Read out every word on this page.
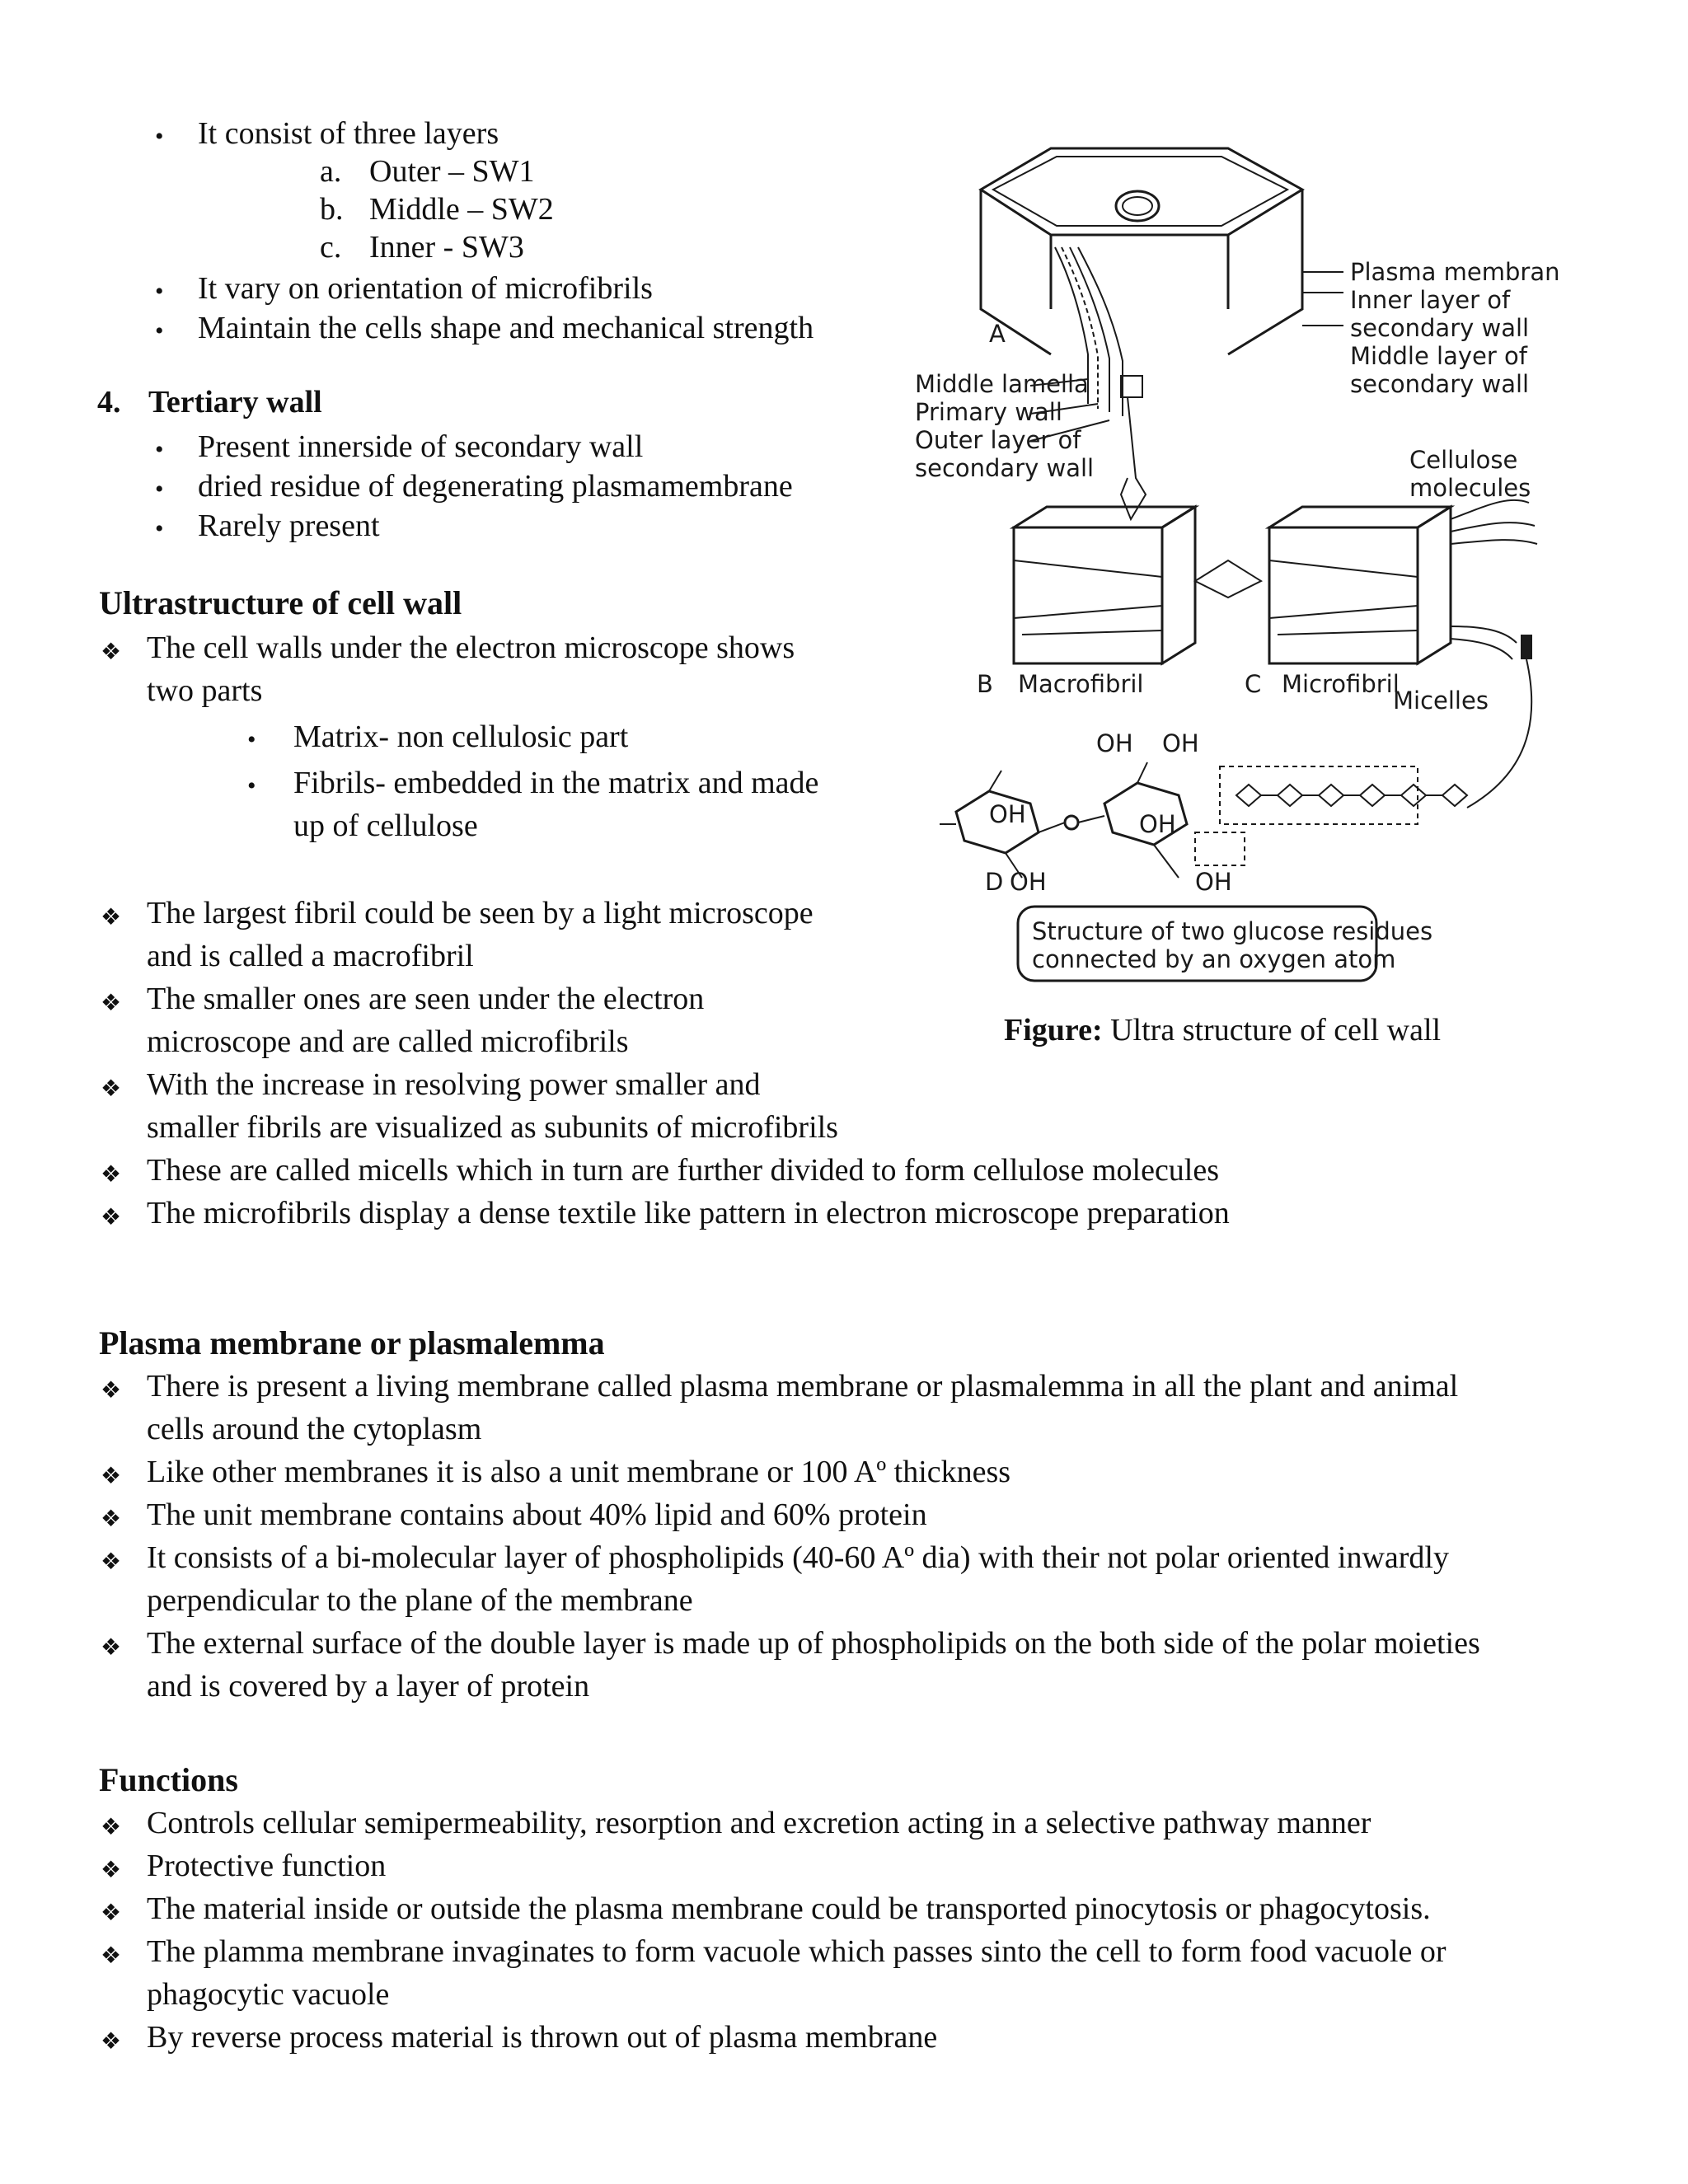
• It consist of three layers
a. Outer – SW1
b. Middle – SW2
c. Inner - SW3
• It vary on orientation of microfibrils
• Maintain the cells shape and mechanical strength
4. Tertiary wall
• Present innerside of secondary wall
• dried residue of degenerating plasmamembrane
• Rarely present
Ultrastructure of cell wall
❖ The cell walls under the electron microscope shows
two parts
• Matrix- non cellulosic part
• Fibrils- embedded in the matrix and made
up of cellulose
❖ The largest fibril could be seen by a light microscope
and is called a macrofibril
❖ The smaller ones are seen under the electron
microscope and are called microfibrils
❖ With the increase in resolving power smaller and
smaller fibrils are visualized as subunits of microfibrils
❖ These are called micells which in turn are further divided to form cellulose molecules
❖ The microfibrils display a dense textile like pattern in electron microscope preparation
A
Plasma membrane
Inner layer of
secondary wall
Middle layer of
secondary wall
Middle lamella
Primary wall
Outer layer of
secondary wall	Cellulose
molecules
B Macrofibril	C Microfibril
Micelles
D
OH OH
OH	OH
OH	OH
Structure of two glucose residues
connected by an oxygen atom
Figure: Ultra structure of cell wall
Plasma membrane or plasmalemma
❖ There is present a living membrane called plasma membrane or plasmalemma in all the plant and animal
cells around the cytoplasm
❖ Like other membranes it is also a unit membrane or 100 Aº thickness
❖ The unit membrane contains about 40% lipid and 60% protein
❖ It consists of a bi-molecular layer of phospholipids (40-60 Aº dia) with their not polar oriented inwardly
perpendicular to the plane of the membrane
❖ The external surface of the double layer is made up of phospholipids on the both side of the polar moieties
and is covered by a layer of protein
Functions
❖ Controls cellular semipermeability, resorption and excretion acting in a selective pathway manner
❖ Protective function
❖ The material inside or outside the plasma membrane could be transported pinocytosis or phagocytosis.
❖ The plamma membrane invaginates to form vacuole which passes sinto the cell to form food vacuole or
phagocytic vacuole
❖ By reverse process material is thrown out of plasma membrane
